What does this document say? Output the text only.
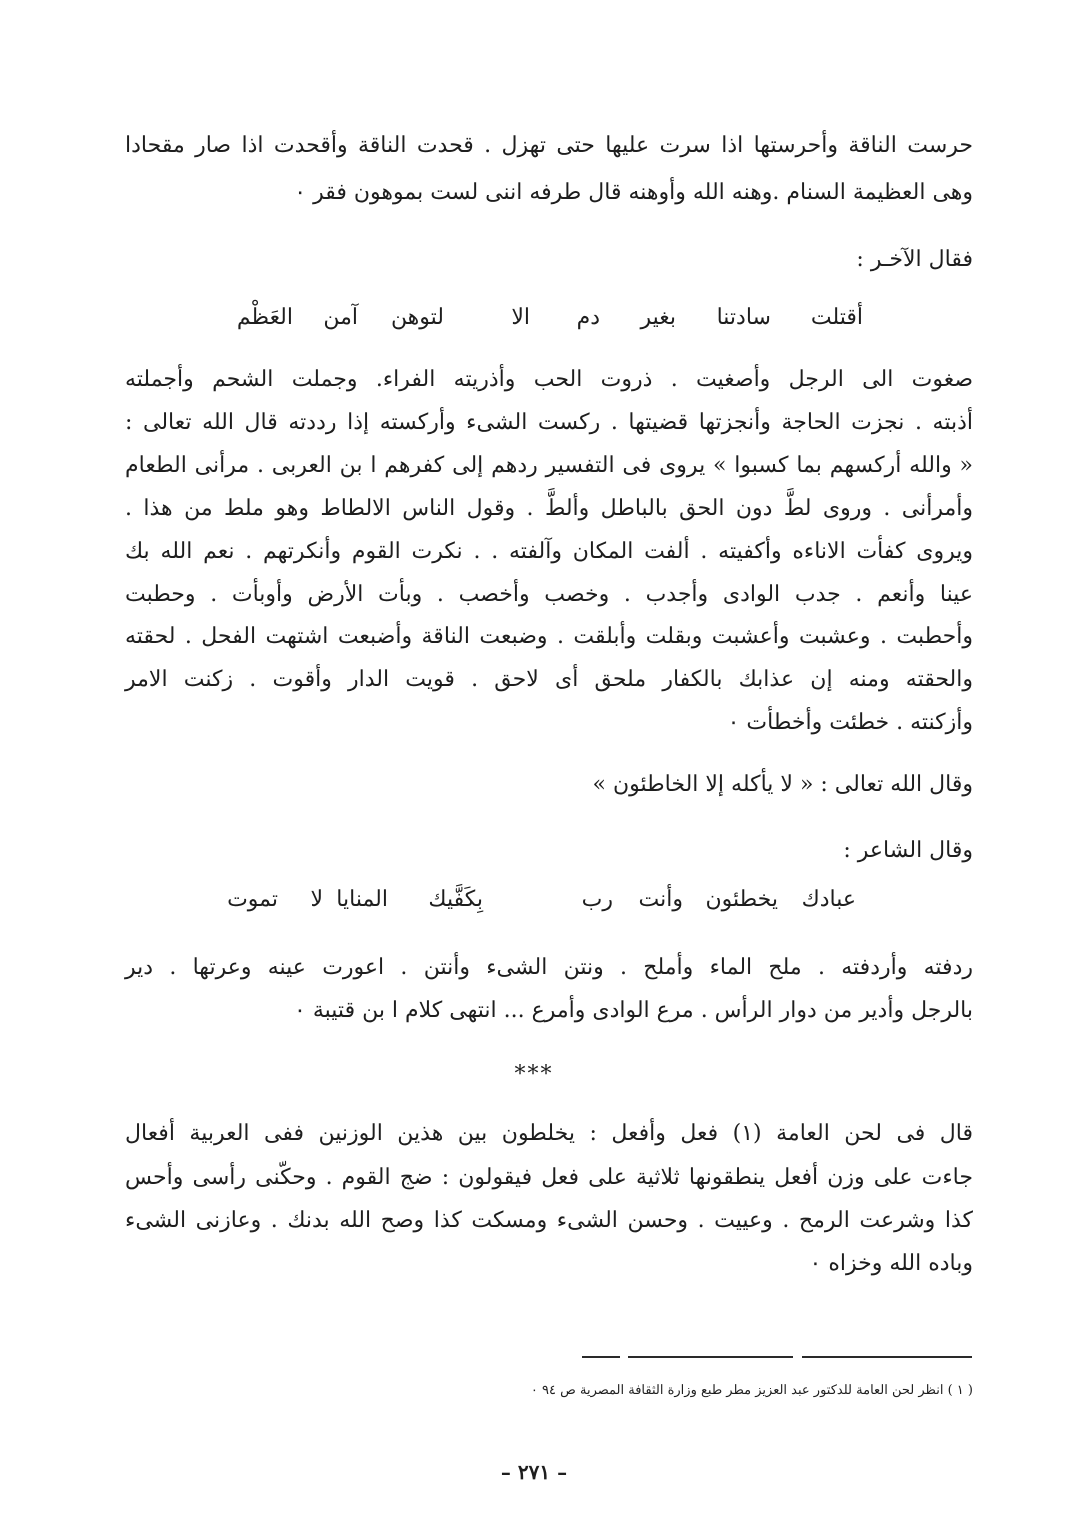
حرست الناقة وأحرستها اذا سرت عليها حتى تهزل . قحدت الناقة وأقحدت اذا صار مقحادا
وهى العظيمة السنام .وهنه الله وأوهنه قال طرفه اننى لست بموهون فقر ٠
فقال الآخـر :
أقتلت
سادتنا
بغير
دم
الا
لتوهن
آمن
العَظْم
صغوت الى الرجل وأصغيت . ذروت الحب وأذريته الفراء. وجملت الشحم وأجملته
أذبته . نجزت الحاجة وأنجزتها قضيتها . ركست الشىء وأركسته إذا رددته قال الله تعالى :
« والله أركسهم بما كسبوا » يروى فى التفسير ردهم إلى كفرهم ا بن العربى . مرأنى الطعام
وأمرأنى . وروى لطَّ دون الحق بالباطل وألطَّ . وقول الناس الالطاط وهو ملط من هذا .
ويروى كفأت الاناءه وأكفيته . ألفت المكان وآلفته . . نكرت القوم وأنكرتهم . نعم الله بك
عينا وأنعم . جدب الوادى وأجدب . وخصب وأخصب . وبأت الأرض وأوبأت . وحطبت
وأحطبت . وعشبت وأعشبت وبقلت وأبلقت . وضبعت الناقة وأضبعت اشتهت الفحل . لحقته
والحقته ومنه إن عذابك بالكفار ملحق أى لاحق . قويت الدار وأقوت . زكنت الامر
وأزكنته . خطئت وأخطأت ٠
وقال الله تعالى : « لا يأكله إلا الخاطئون »
وقال الشاعر :
عبادك
يخطئون
وأنت
رب
بِكَفَّيك
المنايا
لا
تموت
ردفته وأردفته . ملح الماء وأملح . ونتن الشىء وأنتن . اعورت عينه وعرتها . دير
بالرجل وأدير من دوار الرأس . مرع الوادى وأمرع ... انتهى كلام ا بن قتيبة ٠
***
قال فى لحن العامة (١) فعل وأفعل : يخلطون بين هذين الوزنين ففى العربية أفعال
جاءت على وزن أفعل ينطقونها ثلاثية على فعل فيقولون : ضج القوم . وحكّنى رأسى وأحس
كذا وشرعت الرمح . وعييت . وحسن الشىء ومسكت كذا وصح الله بدنك . وعازنى الشىء
وباده الله وخزاه ٠
( ١ ) انظر لحن العامة للدكتور عبد العزيز مطر طبع وزارة الثقافة المصرية ص ٩٤ ٠
– ٢٧١ –
